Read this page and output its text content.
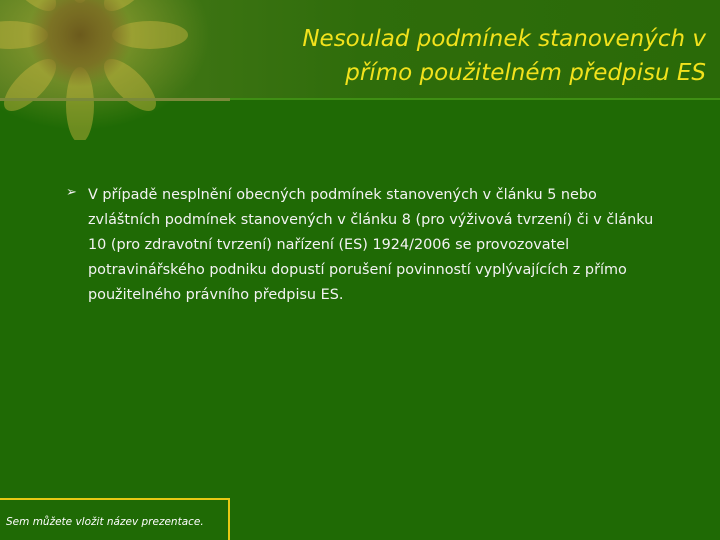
Nesoulad podmínek stanovených v
přímo použitelném předpisu ES
➢ V případě nesplnění obecných podmínek stanovených v článku 5 nebo zvláštních podmínek stanovených v článku 8 (pro výživová tvrzení) či v článku 10 (pro zdravotní tvrzení) nařízení (ES) 1924/2006 se provozovatel potravinářského podniku dopustí porušení povinností vyplývajících z přímo použitelného právního předpisu ES.
Sem můžete vložit název prezentace.
